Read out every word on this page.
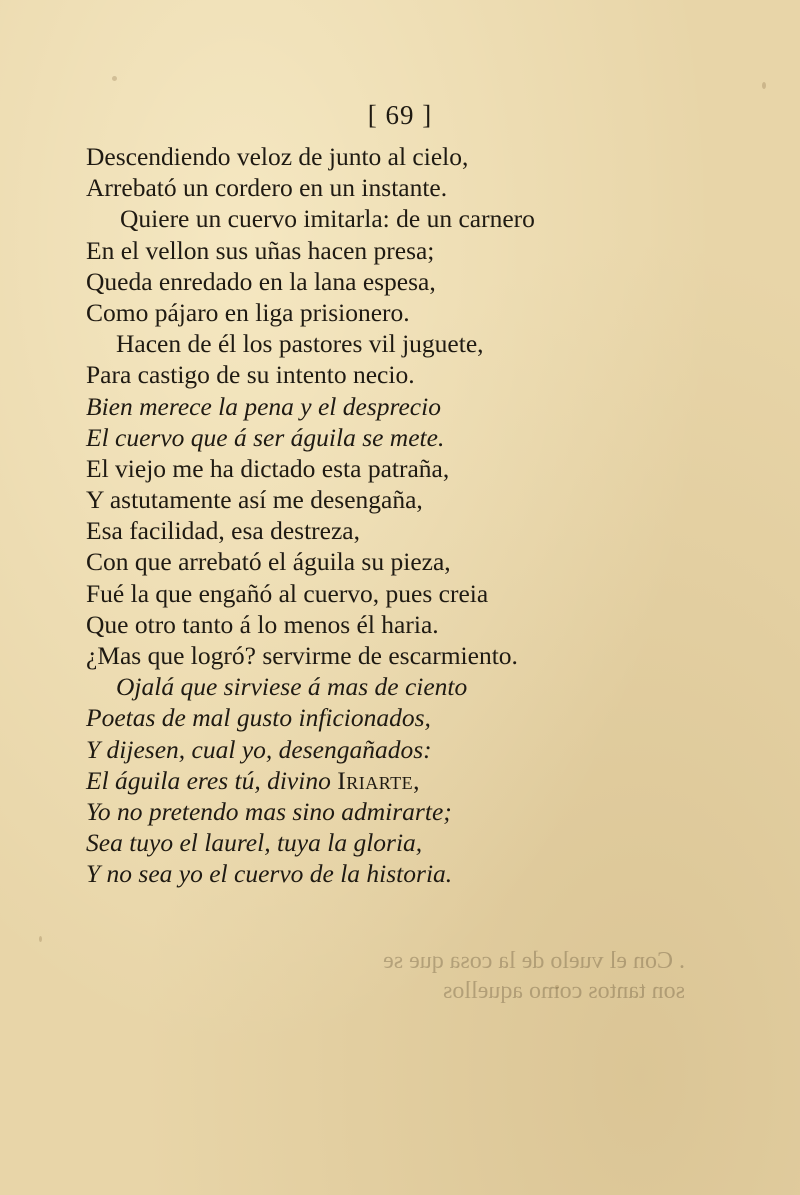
. Con el vuelo de la cosa que se
son tantos como aquellos
[ 69 ]
Descendiendo veloz de junto al cielo,
Arrebató un cordero en un instante.
Quiere un cuervo imitarla: de un carnero
En el vellon sus uñas hacen presa;
Queda enredado en la lana espesa,
Como pájaro en liga prisionero.
Hacen de él los pastores vil juguete,
Para castigo de su intento necio.
Bien merece la pena y el desprecio
El cuervo que á ser águila se mete.
El viejo me ha dictado esta patraña,
Y astutamente así me desengaña,
Esa facilidad, esa destreza,
Con que arrebató el águila su pieza,
Fué la que engañó al cuervo, pues creia
Que otro tanto á lo menos él haria.
¿Mas que logró? servirme de escarmiento.
Ojalá que sirviese á mas de ciento
Poetas de mal gusto inficionados,
Y dijesen, cual yo, desengañados:
El águila eres tú, divino Iriarte,
Yo no pretendo mas sino admirarte;
Sea tuyo el laurel, tuya la gloria,
Y no sea yo el cuervo de la historia.
